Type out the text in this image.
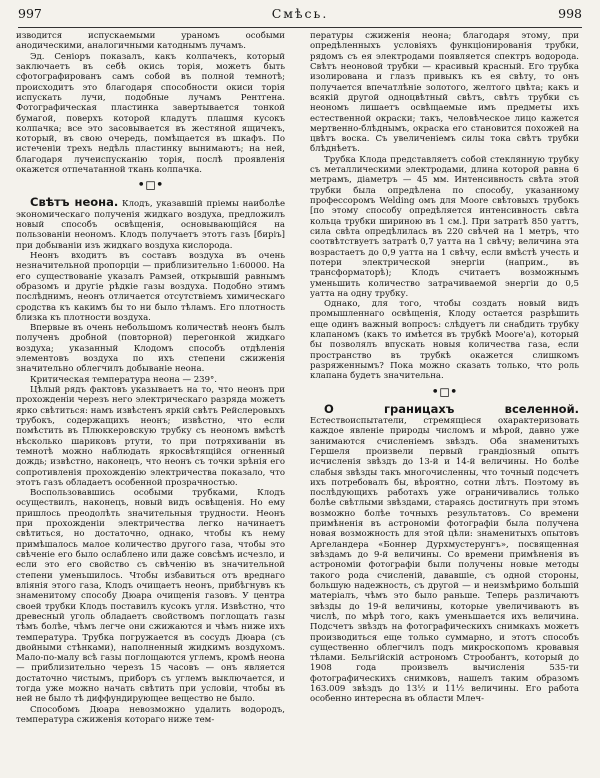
997	Смѣсь.	998

изводится испускаемыми ураномъ особыми анодическими, аналогичными катоднымъ лучамъ.

Эд. Сеніоръ показалъ, какъ колпачекъ, который заключаетъ въ себѣ окись торія, можетъ быть сфотографированъ самъ собой въ полной темнотѣ; происходитъ это благодаря способности окиси торія испускать лучи, подобные лучамъ Рентгена. Фотографическая пластинка завертывается тонкой бумагой, поверхъ которой кладутъ плашмя кусокъ колпачка; все это засовывается въ жестяной ящичекъ, который, въ свою очередь, помѣщается въ шкафъ. По истеченіи трехъ недѣль пластинку вынимаютъ; на ней, благодаря лучеиспусканію торія, послѣ проявленія окажется отпечатанной ткань колпачка.

•◻•

Свѣтъ неона. Клодъ, указавшій пріемы наиболѣе экономическаго полученія жидкаго воздуха, предложилъ новый способъ освѣщенія, основывающійся на пользованіи неономъ. Клодъ получаетъ этотъ газъ [биріъ] при добываніи изъ жидкаго воздуха кислорода.

Неонъ входитъ въ составъ воздуха въ очень незначительной пропорціи — приблизительно 1:60000. На его существованіе указалъ Рамзей, открывшій равнымъ образомъ и другіе рѣдкіе газы воздуха. Подобно этимъ послѣднимъ, неонъ отличается отсутствіемъ химическаго сродства къ какимъ бы то ни было тѣламъ. Его плотность близка къ плотности воздуха.

Впервые въ очень небольшомъ количествѣ неонъ былъ полученъ дробной (повторной) перегонкой жидкаго воздуха; указанный Клодомъ способъ отдѣленія элементовъ воздуха по ихъ степени сжиженія значительно облегчилъ добываніе неона.

Критическая температура неона — 239°.

Цѣлый рядъ фактовъ указываетъ на то, что неонъ при прохожденіи черезъ него электрическаго разряда можетъ ярко свѣтиться: намъ извѣстенъ яркій свѣтъ Рейслеровыхъ трубокъ, содержащихъ неонъ; извѣстно, что если помѣстить въ Плюккеровскую трубку съ неономъ вмѣстѣ нѣсколько шариковъ ртути, то при потряхиваніи въ темнотѣ можно наблюдать яркосвѣтящійся огненный дождь; извѣстно, наконецъ, что неонъ съ точки зрѣнія его сопротивленія прохожденію электричества показало, что этотъ газъ обладаетъ особенной прозрачностью.

Воспользовавшись особыми трубками, Клодъ осуществилъ, наконецъ, новый видъ освѣщенія. Но ему пришлось преодолѣть значительныя трудности. Неонъ при прохожденіи электричества легко начинаетъ свѣтиться, но достаточно, однако, чтобы къ нему примѣшалось малое количество другого газа, чтобы это свѣченіе его было ослаблено или даже совсѣмъ исчезло, и если это его свойство съ свѣченію въ значительной степени уменьшилось. Чтобы избавиться отъ вреднаго вліянія этого газа, Клодъ очищаетъ неонъ, прибѣгнувъ къ знаменитому способу Дюара очищенія газовъ. У центра своей трубки Клодъ поставилъ кусокъ угля. Извѣстно, что древесный уголь обладаетъ свойствомъ поглощать газы тѣмъ болѣе, чѣмъ легче они сжижаются и чѣмъ ниже ихъ температура. Трубка погружается въ сосудъ Дюара (съ двойными стѣнками), наполненный жидкимъ воздухомъ. Мало-по-малу всѣ газы поглощаются углемъ, кромѣ неона — приблизительно черезъ 15 часовъ — онъ является достаточно чистымъ, приборъ съ углемъ выключается, и тогда уже можно начать свѣтить при условіи, чтобы въ ней не было тѣ диффундирующее вещество не было.

Способомъ Дюара невозможно удалить водородъ, температура сжиженія котораго ниже тем-

пературы сжиженія неона; благодаря этому, при опредѣленныхъ условіяхъ функціонированія трубки, рядомъ съ ея электродами появляется спектръ водорода. Свѣтъ неоновой трубки — красивый красный. Его трубка изолирована и глазъ привыкъ къ ея свѣту, то онъ получается впечатлѣніе золотого, желтого цвѣта; какъ и всякій другой одноцвѣтный свѣтъ, свѣтъ трубки съ неономъ лишаетъ освѣщаемые имъ предметы ихъ естественной окраски; такъ, человѣческое лицо кажется мертвенно-блѣднымъ, окраска его становится похожей на цвѣтъ воска. Съ увеличеніемъ силы тока свѣтъ трубки блѣднѣетъ.

Трубка Клода представляетъ собой стеклянную трубку съ металлическими электродами, длина которой равна 6 метрамъ, діаметръ — 45 мм. Интенсивность свѣта этой трубки была опредѣлена по способу, указанному профессоромъ Welding омъ для Moore свѣтовыхъ трубокъ [по этому способу опредѣляется интенсивность свѣта кольца трубки шириною въ 1 см.]. При затратѣ 850 уаттъ, сила свѣта опредѣлилась въ 220 свѣчей на 1 метръ, что соотвѣтствуетъ затратѣ 0,7 уатта на 1 свѣчу; величина эта возрастаетъ до 0,9 уатта на 1 свѣчу, если вмѣстѣ учесть и потери электрической энергіи (наприм., въ трансформаторѣ); Клодъ считаетъ возможнымъ уменьшить количество затрачиваемой энергіи до 0,5 уатта на одну трубку.

Однако, для того, чтобы создать новый видъ промышленнаго освѣщенія, Клоду остается разрѣшить еще одинъ важный вопросъ: слѣдуетъ ли снабдить трубку клапаномъ (какъ то имѣется въ трубкѣ Moore'а), который бы позволялъ впускать новыя количества газа, если пространство въ трубкѣ окажется слишкомъ разряженнымъ? Пока можно сказать только, что роль клапана будетъ значительна.

•◻•

О границахъ вселенной. Естествоиспытатели, стремящіеся охарактеризовать каждое явленіе природы числомъ и мѣрой, давно уже занимаются счисленіемъ звѣздъ. Оба знаменитыхъ Гершеля произвели первый грандіозный опытъ исчисленія звѣздъ до 13-й и 14-й величины. Но болѣе слабыя звѣзды такъ многочисленны, что точный подсчетъ ихъ потребовалъ бы, вѣроятно, сотни лѣтъ. Поэтому въ послѣдующихъ работахъ уже ограничивались только болѣе свѣтлыми звѣздами, стараясь достигнуть при этомъ возможно болѣе точныхъ результатовъ. Со времени примѣненія въ астрономіи фотографіи была получена новая возможность для этой цѣли: знаменитыхъ опытовъ Аргеландера «Боннер Дурхмустерунгъ», посвященная звѣздамъ до 9-й величины. Со времени примѣненія въ астрономіи фотографіи были получены новые методы такого рода счисленій, дававшіе, съ одной стороны, большую надежность, съ другой — и неизмѣримо большій матеріалъ, чѣмъ это было раньше. Теперь различаютъ звѣзды до 19-й величины, которые увеличиваютъ въ числѣ, по мѣрѣ того, какъ уменьшается ихъ величина. Подсчетъ звѣздъ на фотографическихъ снимкахъ можетъ производиться еще только суммарно, и этотъ способъ существенно облегчилъ подъ микроскопомъ кровавыя тѣлами. Бельгійскій астрономъ Строобантъ, который до 1908 года произвелъ вычисленія 535-ти фотографическихъ снимковъ, нашелъ таким образомъ 163.009 звѣздъ до 13½ и 11½ величины. Его работа особенно интересна въ области Млеч-
